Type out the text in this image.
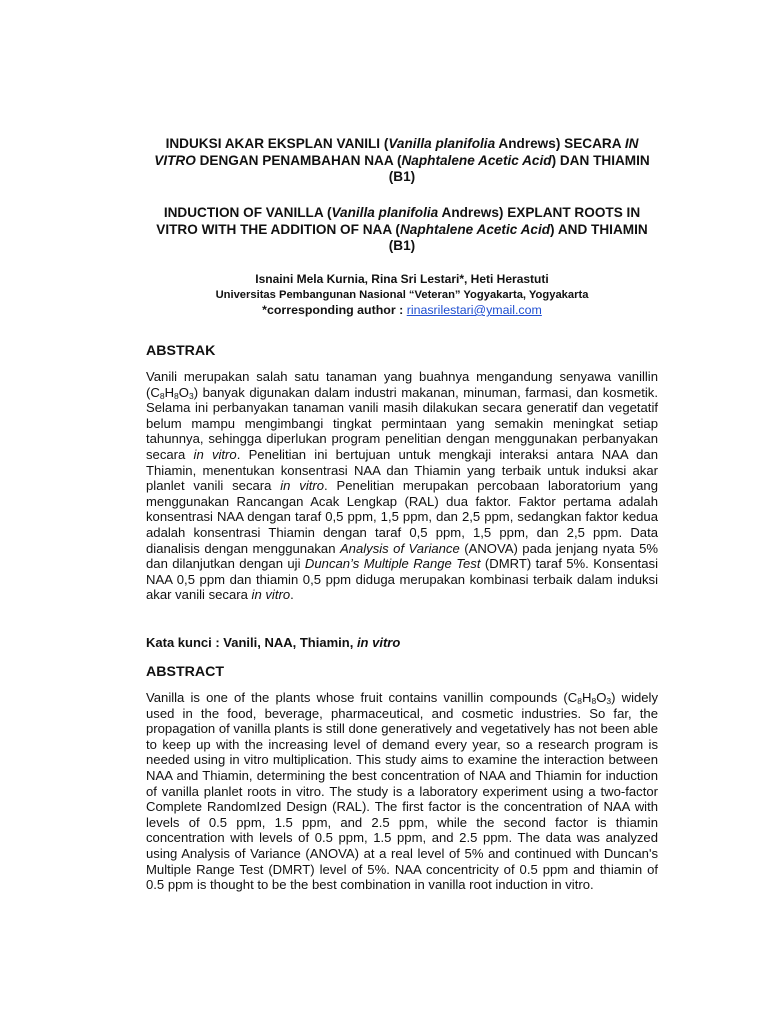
INDUKSI AKAR EKSPLAN VANILI (Vanilla planifolia Andrews) SECARA IN VITRO DENGAN PENAMBAHAN NAA (Naphtalene Acetic Acid) DAN THIAMIN (B1)

INDUCTION OF VANILLA (Vanilla planifolia Andrews) EXPLANT ROOTS IN VITRO WITH THE ADDITION OF NAA (Naphtalene Acetic Acid) AND THIAMIN (B1)

Isnaini Mela Kurnia, Rina Sri Lestari*, Heti Herastuti
Universitas Pembangunan Nasional “Veteran” Yogyakarta, Yogyakarta
*corresponding author : rinasrilestari@ymail.com
ABSTRAK

Vanili merupakan salah satu tanaman yang buahnya mengandung senyawa vanillin $(C_8H_8O_3)$ banyak digunakan dalam industri makanan, minuman, farmasi, dan kosmetik. Selama ini perbanyakan tanaman vanili masih dilakukan secara generatif dan vegetatif belum mampu mengimbangi tingkat permintaan yang semakin meningkat setiap tahunnya, sehingga diperlukan program penelitian dengan menggunakan perbanyakan secara in vitro. Penelitian ini bertujuan untuk mengkaji interaksi antara NAA dan Thiamin, menentukan konsentrasi NAA dan Thiamin yang terbaik untuk induksi akar planlet vanili secara in vitro. Penelitian merupakan percobaan laboratorium yang menggunakan Rancangan Acak Lengkap (RAL) dua faktor. Faktor pertama adalah konsentrasi NAA dengan taraf 0,5 ppm, 1,5 ppm, dan 2,5 ppm, sedangkan faktor kedua adalah konsentrasi Thiamin dengan taraf 0,5 ppm, 1,5 ppm, dan 2,5 ppm. Data dianalisis dengan menggunakan Analysis of Variance (ANOVA) pada jenjang nyata 5% dan dilanjutkan dengan uji Duncan’s Multiple Range Test (DMRT) taraf 5%. Konsentasi NAA 0,5 ppm dan thiamin 0,5 ppm diduga merupakan kombinasi terbaik dalam induksi akar vanili secara in vitro.

Kata kunci : Vanili, NAA, Thiamin, in vitro
ABSTRACT

Vanilla is one of the plants whose fruit contains vanillin compounds $(C_8H_8O_3)$ widely used in the food, beverage, pharmaceutical, and cosmetic industries. So far, the propagation of vanilla plants is still done generatively and vegetatively has not been able to keep up with the increasing level of demand every year, so a research program is needed using in vitro multiplication. This study aims to examine the interaction between NAA and Thiamin, determining the best concentration of NAA and Thiamin for induction of vanilla planlet roots in vitro. The study is a laboratory experiment using a two-factor Complete RandomIzed Design (RAL). The first factor is the concentration of NAA with levels of 0.5 ppm, 1.5 ppm, and 2.5 ppm, while the second factor is thiamin concentration with levels of 0.5 ppm, 1.5 ppm, and 2.5 ppm. The data was analyzed using Analysis of Variance (ANOVA) at a real level of 5% and continued with Duncan's Multiple Range Test (DMRT) level of 5%. NAA concentricity of 0.5 ppm and thiamin of 0.5 ppm is thought to be the best combination in vanilla root induction in vitro.
